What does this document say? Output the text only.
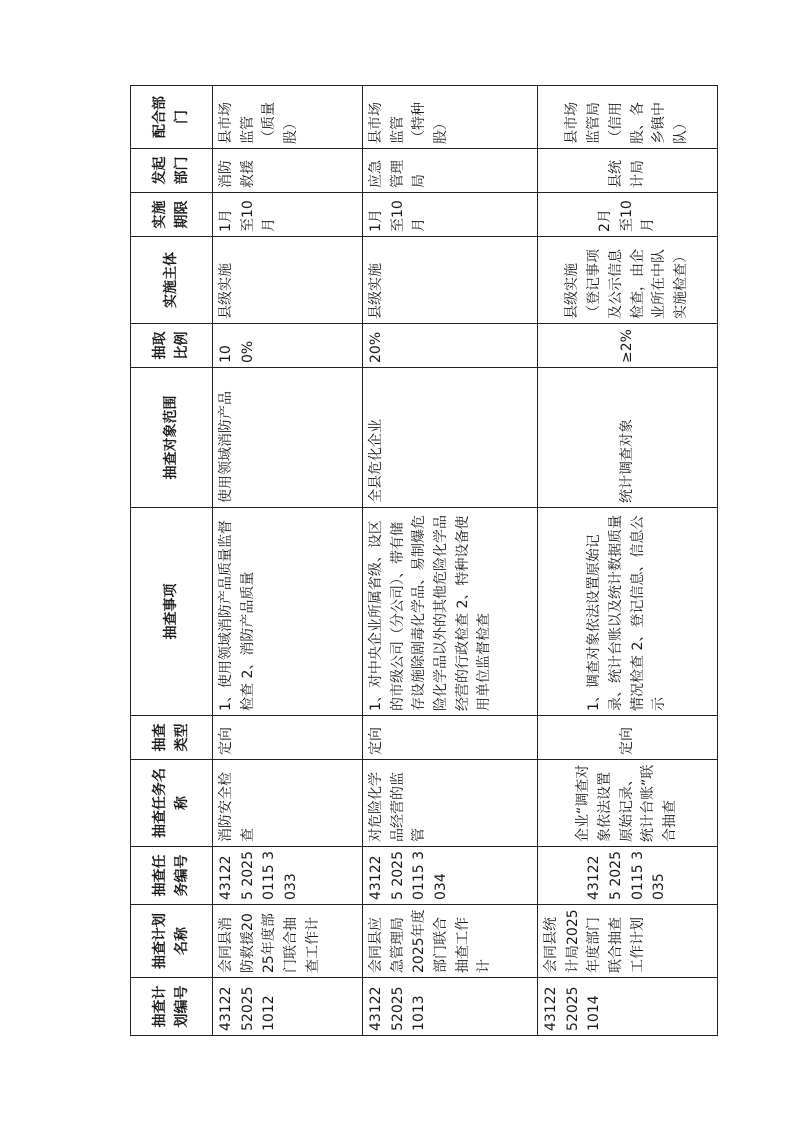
抽查计划编号	抽查计划名称	抽查任务编号	抽查任务名称	抽查类型	抽查事项	抽查对象范围	抽取比例	实施主体	实施期限	发起部门	配合部门
4312252025 1012	会同县消防救援2025年度部门联合抽查工作计	431225 2025 0115 3033	消防安全检查	定向	1、使用领域消防产品质量监督检查 2、消防产品质量	使用领域消防产品	100%	县级实施	1月至10月	消防救援	县市场监管（质量股）
4312252025 1013	会同县应急管理局2025年度部门联合抽查工作计	431225 2025 0115 3034	对危险化学品经营的监管	定向	1、对中央企业所属省级、设区的市级公司（分公司）、带有储存设施除剧毒化学品、易制爆危险化学品以外的其他危险化学品经营的行政检查 2、特种设备使用单位监督检查	全县危化企业	20%	县级实施	1月至10月	应急管理局	县市场监管（特种股）
4312252025 1014	会同县统计局2025年度部门联合抽查工作计划	431225 2025 0115 3035	企业“调查对象依法设置原始记录、统计台账”联合抽查	定向	1、调查对象依法设置原始记录、统计台账以及统计数据质量情况检查 2、登记信息、信息公示	统计调查对象	≥2%	县级实施（登记事项及公示信息检查，由企业所在中队实施检查）	2月至10月	县统计局	县市场监管局（信用股、各乡镇中队）
